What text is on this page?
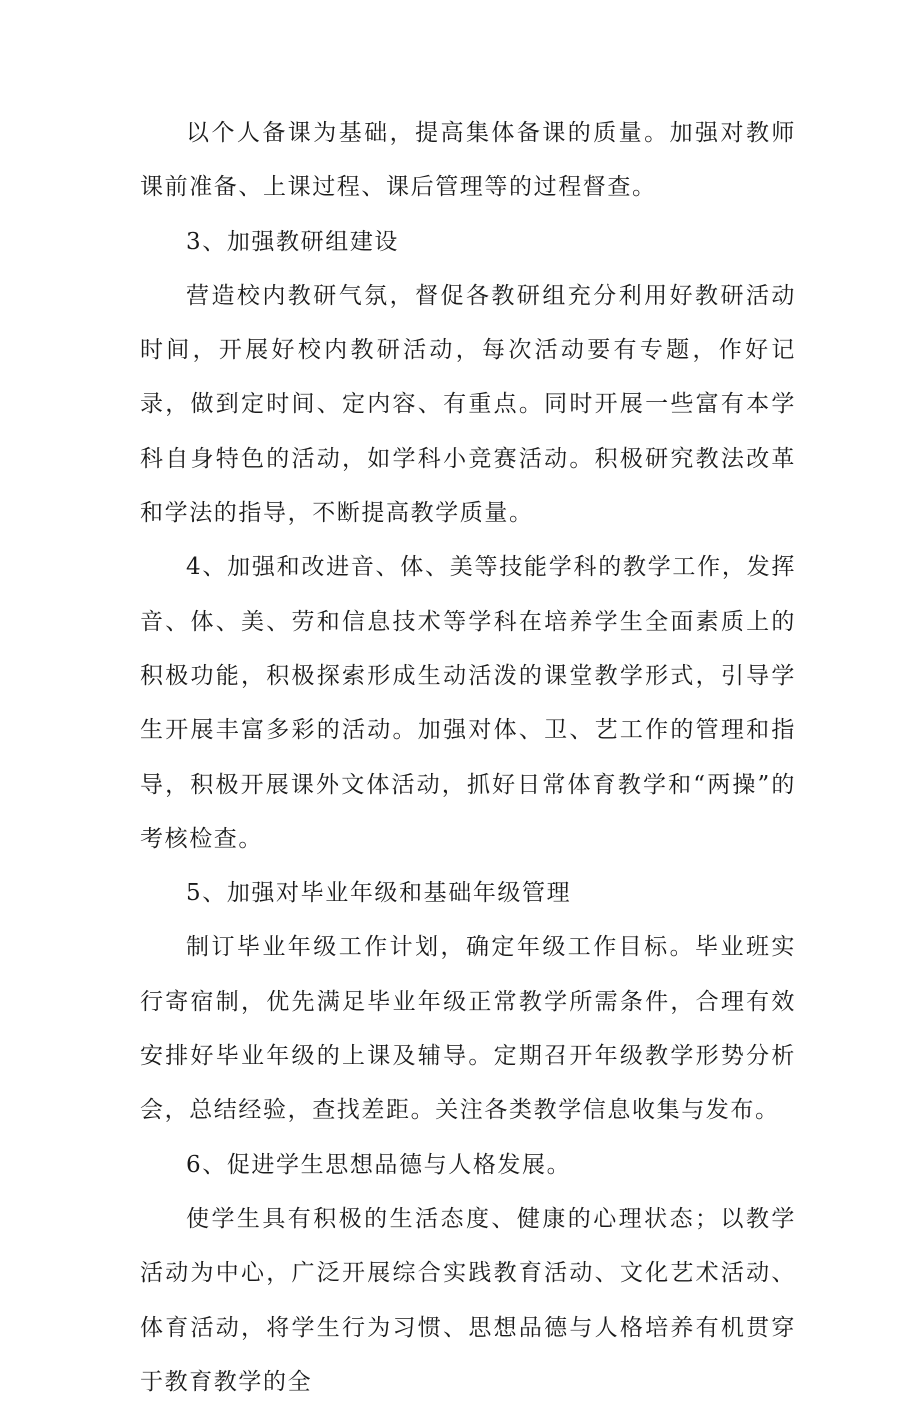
以个人备课为基础，提高集体备课的质量。加强对教师课前准备、上课过程、课后管理等的过程督查。

3、加强教研组建设

营造校内教研气氛，督促各教研组充分利用好教研活动时间，开展好校内教研活动，每次活动要有专题，作好记录，做到定时间、定内容、有重点。同时开展一些富有本学科自身特色的活动，如学科小竞赛活动。积极研究教法改革和学法的指导，不断提高教学质量。

4、加强和改进音、体、美等技能学科的教学工作，发挥音、体、美、劳和信息技术等学科在培养学生全面素质上的积极功能，积极探索形成生动活泼的课堂教学形式，引导学生开展丰富多彩的活动。加强对体、卫、艺工作的管理和指导，积极开展课外文体活动，抓好日常体育教学和“两操”的考核检查。

5、加强对毕业年级和基础年级管理

制订毕业年级工作计划，确定年级工作目标。毕业班实行寄宿制，优先满足毕业年级正常教学所需条件，合理有效安排好毕业年级的上课及辅导。定期召开年级教学形势分析会，总结经验，查找差距。关注各类教学信息收集与发布。

6、促进学生思想品德与人格发展。

使学生具有积极的生活态度、健康的心理状态；以教学活动为中心，广泛开展综合实践教育活动、文化艺术活动、体育活动，将学生行为习惯、思想品德与人格培养有机贯穿于教育教学的全
